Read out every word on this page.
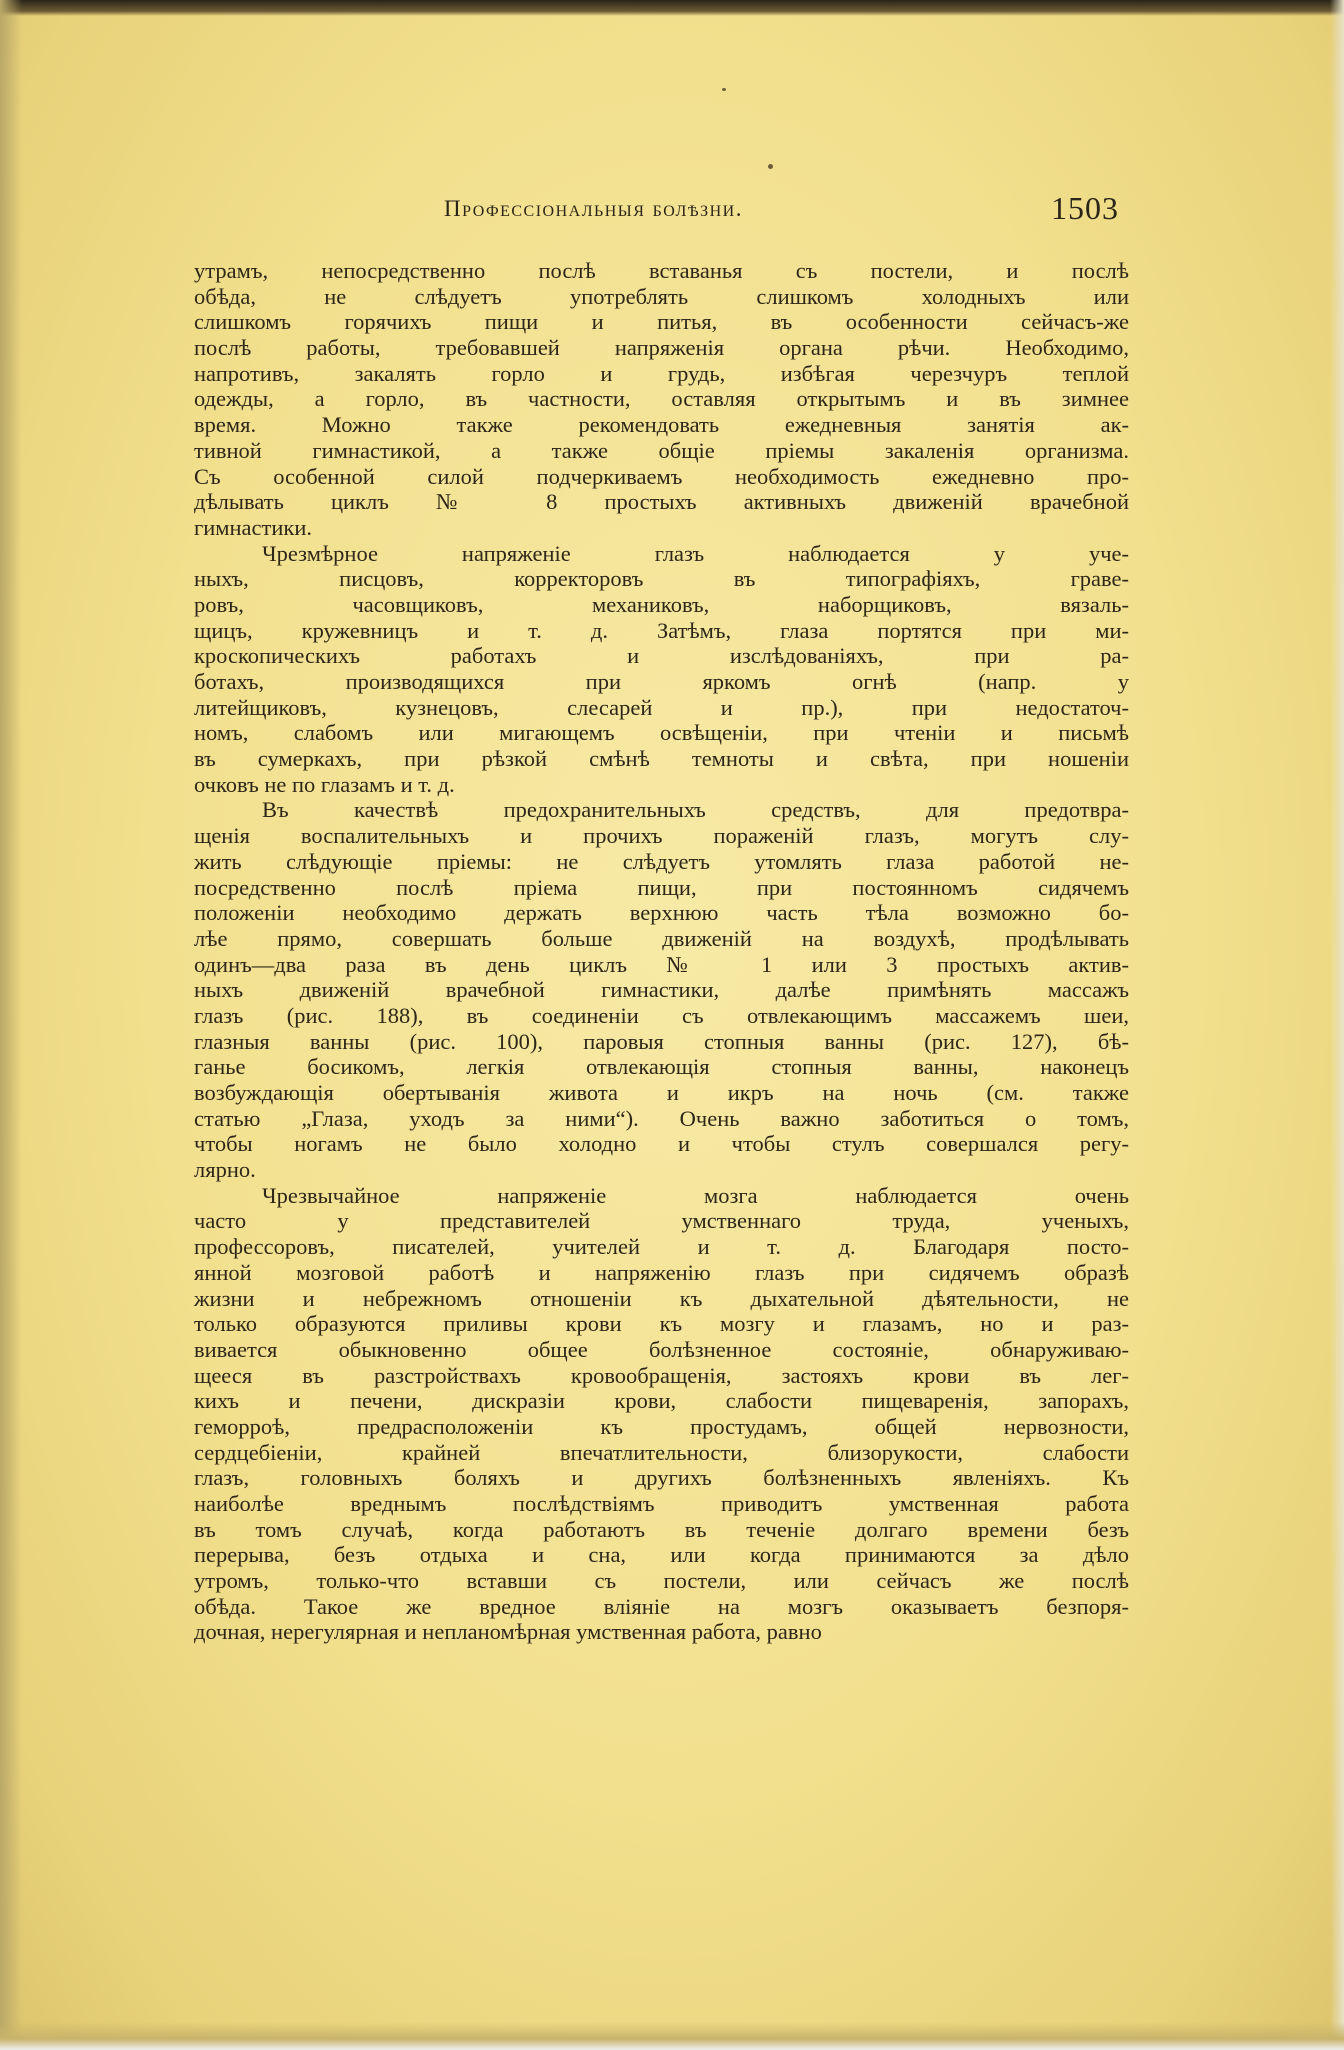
Профессіональныя болѣзни.	1503
утрамъ, непосредственно послѣ вставанья съ постели, и послѣ
обѣда, не слѣдуетъ употреблять слишкомъ холодныхъ или
слишкомъ горячихъ пищи и питья, въ особенности сейчасъ-же
послѣ работы, требовавшей напряженія органа рѣчи. Необходимо,
напротивъ, закалять горло и грудь, избѣгая черезчуръ теплой
одежды, а горло, въ частности, оставляя открытымъ и въ зимнее
время. Можно также рекомендовать ежедневныя занятія ак-
тивной гимнастикой, а также общіе пріемы закаленія организма.
Съ особенной силой подчеркиваемъ необходимость ежедневно про-
дѣлывать циклъ № 8 простыхъ активныхъ движеній врачебной
гимнастики.
Чрезмѣрное напряженіе глазъ наблюдается у уче-
ныхъ, писцовъ, корректоровъ въ типографіяхъ, граве-
ровъ, часовщиковъ, механиковъ, наборщиковъ, вязаль-
щицъ, кружевницъ и т. д. Затѣмъ, глаза портятся при ми-
кроскопическихъ работахъ и изслѣдованіяхъ, при ра-
ботахъ, производящихся при яркомъ огнѣ (напр. у
литейщиковъ, кузнецовъ, слесарей и пр.), при недостаточ-
номъ, слабомъ или мигающемъ освѣщеніи, при чтеніи и письмѣ
въ сумеркахъ, при рѣзкой смѣнѣ темноты и свѣта, при ношеніи
очковъ не по глазамъ и т. д.
Въ качествѣ предохранительныхъ средствъ, для предотвра-
щенія воспалительныхъ и прочихъ пораженій глазъ, могутъ слу-
жить слѣдующіе пріемы: не слѣдуетъ утомлять глаза работой не-
посредственно послѣ пріема пищи, при постоянномъ сидячемъ
положеніи необходимо держать верхнюю часть тѣла возможно бо-
лѣе прямо, совершать больше движеній на воздухѣ, продѣлывать
одинъ—два раза въ день циклъ № 1 или 3 простыхъ актив-
ныхъ движеній врачебной гимнастики, далѣе примѣнять массажъ
глазъ (рис. 188), въ соединеніи съ отвлекающимъ массажемъ шеи,
глазныя ванны (рис. 100), паровыя стопныя ванны (рис. 127), бѣ-
ганье босикомъ, легкія отвлекающія стопныя ванны, наконецъ
возбуждающія обертыванія живота и икръ на ночь (см. также
статью „Глаза, уходъ за ними“). Очень важно заботиться о томъ,
чтобы ногамъ не было холодно и чтобы стулъ совершался регу-
лярно.
Чрезвычайное напряженіе мозга наблюдается очень
часто у представителей умственнаго труда, ученыхъ,
профессоровъ, писателей, учителей и т. д. Благодаря посто-
янной мозговой работѣ и напряженію глазъ при сидячемъ образѣ
жизни и небрежномъ отношеніи къ дыхательной дѣятельности, не
только образуются приливы крови къ мозгу и глазамъ, но и раз-
вивается обыкновенно общее болѣзненное состояніе, обнаруживаю-
щееся въ разстройствахъ кровообращенія, застояхъ крови въ лег-
кихъ и печени, дискразіи крови, слабости пищеваренія, запорахъ,
геморроѣ, предрасположеніи къ простудамъ, общей нервозности,
сердцебіеніи, крайней впечатлительности, близорукости, слабости
глазъ, головныхъ боляхъ и другихъ болѣзненныхъ явленіяхъ. Къ
наиболѣе вреднымъ послѣдствіямъ приводитъ умственная работа
въ томъ случаѣ, когда работаютъ въ теченіе долгаго времени безъ
перерыва, безъ отдыха и сна, или когда принимаются за дѣло
утромъ, только-что вставши съ постели, или сейчасъ же послѣ
обѣда. Такое же вредное вліяніе на мозгъ оказываетъ безпоря-
дочная, нерегулярная и непланомѣрная умственная работа, равно
